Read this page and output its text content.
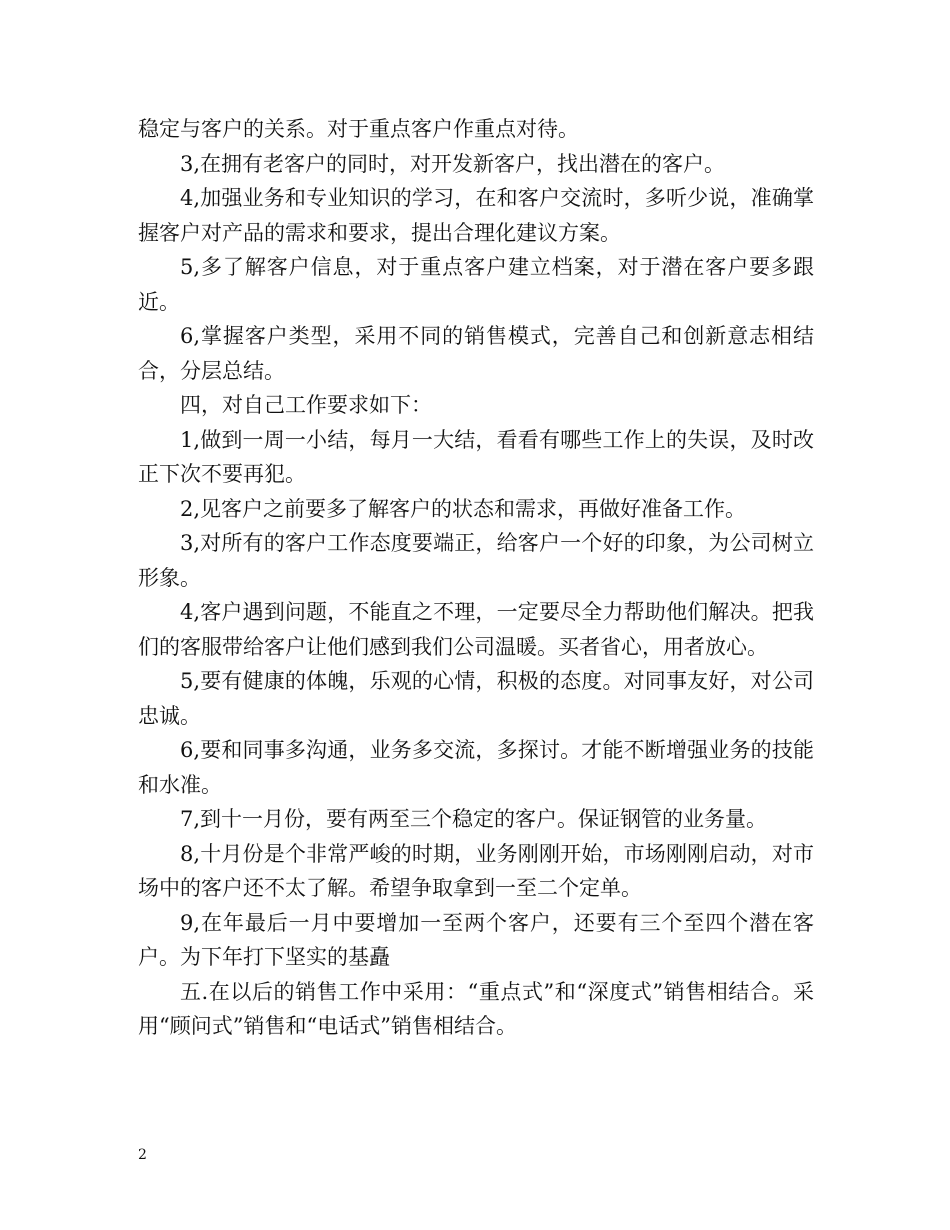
稳定与客户的关系。对于重点客户作重点对待。

3,在拥有老客户的同时，对开发新客户，找出潜在的客户。

4,加强业务和专业知识的学习，在和客户交流时，多听少说，准确掌握客户对产品的需求和要求，提出合理化建议方案。

5,多了解客户信息，对于重点客户建立档案，对于潜在客户要多跟近。

6,掌握客户类型，采用不同的销售模式，完善自己和创新意志相结合，分层总结。

四，对自己工作要求如下：

1,做到一周一小结，每月一大结，看看有哪些工作上的失误，及时改正下次不要再犯。

2,见客户之前要多了解客户的状态和需求，再做好准备工作。

3,对所有的客户工作态度要端正，给客户一个好的印象，为公司树立形象。

4,客户遇到问题，不能直之不理，一定要尽全力帮助他们解决。把我们的客服带给客户让他们感到我们公司温暖。买者省心，用者放心。

5,要有健康的体魄，乐观的心情，积极的态度。对同事友好，对公司忠诚。

6,要和同事多沟通，业务多交流，多探讨。才能不断增强业务的技能和水准。

7,到十一月份，要有两至三个稳定的客户。保证钢管的业务量。

8,十月份是个非常严峻的时期，业务刚刚开始，市场刚刚启动，对市场中的客户还不太了解。希望争取拿到一至二个定单。

9,在年最后一月中要增加一至两个客户，还要有三个至四个潜在客户。为下年打下坚实的基矗

五.在以后的销售工作中采用：“重点式”和“深度式”销售相结合。采用“顾问式”销售和“电话式”销售相结合。

2
